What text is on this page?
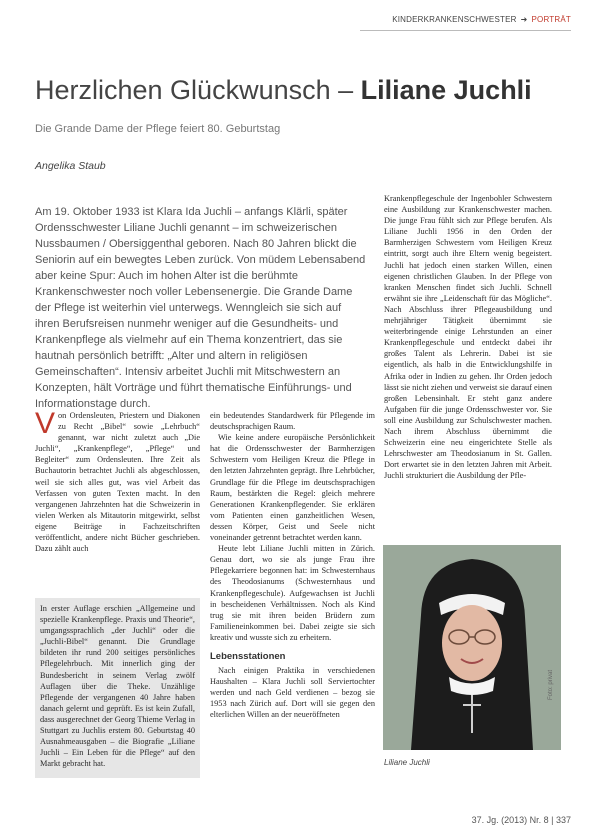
KINDERKRANKENSCHWESTER ➜ PORTRÄT
Herzlichen Glückwunsch – Liliane Juchli
Die Grande Dame der Pflege feiert 80. Geburtstag
Angelika Staub
Am 19. Oktober 1933 ist Klara Ida Juchli – anfangs Klärli, später Ordensschwester Liliane Juchli genannt – im schweizerischen Nussbaumen / Obersiggenthal geboren. Nach 80 Jahren blickt die Seniorin auf ein bewegtes Leben zurück. Von müdem Lebensabend aber keine Spur: Auch im hohen Alter ist die berühmte Krankenschwester noch voller Lebensenergie. Die Grande Dame der Pflege ist weiterhin viel unterwegs. Wenngleich sie sich auf ihren Berufsreisen nunmehr weniger auf die Gesundheits- und Krankenpflege als vielmehr auf ein Thema konzentriert, das sie hautnah persönlich betrifft: „Alter und altern in religiösen Gemeinschaften“. Intensiv arbeitet Juchli mit Mitschwestern an Konzepten, hält Vorträge und führt thematische Einführungs- und Informationstage durch.
Von Ordensleuten, Priestern und Diakonen zu Recht „Bibel“ sowie „Lehrbuch“ genannt, war nicht zuletzt auch „Die Juchli“, „Krankenpflege“, „Pflege“ und Begleiter“ zum Ordensleuten. Ihre Zeit als Buchautorin betrachtet Juchli als abgeschlossen, weil sie sich alles gut, was viel Arbeit das Verfassen von guten Texten macht. In den vergangenen Jahrzehnten hat die Schweizerin in vielen Werken als Mitautorin mitgewirkt, selbst eigene Beiträge in Fachzeitschriften veröffentlicht, andere nicht Bücher geschrieben. Dazu zählt auch
In erster Auflage erschien „Allgemeine und spezielle Krankenpflege. Praxis und Theorie“, umgangssprachlich „der Juchli“ oder die „Juchli-Bibel“ genannt. Die Grundlage bildeten ihr rund 200 seitiges persönliches Pflegelehrbuch. Mit innerlich ging der Bundesbericht in seinem Verlag zwölf Auflagen über die Theke. Unzählige Pflegende der vergangenen 40 Jahre haben danach gelernt und geprüft. Es ist kein Zufall, dass ausgerechnet der Georg Thieme Verlag in Stuttgart zu Juchlis erstem 80. Geburtstag 40 Ausnahmeausgaben – die Biografie „Liliane Juchli – Ein Leben für die Pflege“ auf den Markt gebracht hat.
ein bedeutendes Standardwerk für Pflegende im deutschsprachigen Raum.
Wie keine andere europäische Persönlichkeit hat die Ordensschwester der Barmherzigen Schwestern vom Heiligen Kreuz die Pflege in den letzten Jahrzehnten geprägt. Ihre Lehrbücher, Grundlage für die Pflege im deutschsprachigen Raum, bestärkten die Regel: gleich mehrere Generationen Krankenpflegender. Sie erklären vom Patienten einen ganzheitlichen Wesen, dessen Körper, Geist und Seele nicht voneinander getrennt betrachtet werden kann.
Heute lebt Liliane Juchli mitten in Zürich. Genau dort, wo sie als junge Frau ihre Pflegekarriere begonnen hat: im Schwesternhaus des Theodosianums (Schwesternhaus und Krankenpflegeschule). Aufgewachsen ist Juchli in bescheidenen Verhältnissen. Noch als Kind trug sie mit ihren beiden Brüdern zum Familieneinkommen bei. Dabei zeigte sie sich kreativ und wusste sich zu erheitern.
Lebensstationen
Nach einigen Praktika in verschiedenen Haushalten – Klara Juchli soll Serviertochter werden und nach Geld verdienen – bezog sie 1953 nach Zürich auf. Dort will sie gegen den elterlichen Willen an der neueröffneten
Krankenpflegeschule der Ingenbohler Schwestern eine Ausbildung zur Krankenschwester machen. Die junge Frau fühlt sich zur Pflege berufen. Als Liliane Juchli 1956 in den Orden der Barmherzigen Schwestern vom Heiligen Kreuz eintritt, sorgt auch ihre Eltern wenig begeistert. Juchli hat jedoch einen starken Willen, einen eigenen christlichen Glauben. In der Pflege von kranken Menschen findet sich Juchli. Schnell erwähnt sie ihre „Leidenschaft für das Mögliche“. Nach Abschluss ihrer Pflegeausbildung und mehrjähriger Tätigkeit übernimmt sie weiterbringende einige Lehrstunden an einer Krankenpflegeschule und entdeckt dabei ihr großes Talent als Lehrerin. Dabei ist sie eigentlich, als halb in die Entwicklungshilfe in Afrika oder in Indien zu gehen. Ihr Orden jedoch lässt sie nicht ziehen und verweist sie darauf einen großen Lebensinhalt. Er steht ganz andere Aufgaben für die junge Ordensschwester vor. Sie soll eine Ausbildung zur Schulschwester machen. Nach ihrem Abschluss übernimmt die Schweizerin eine neu eingerichtete Stelle als Lehrschwester am Theodosianum in St. Gallen. Dort erwartet sie in den letzten Jahren mit Arbeit. Juchli strukturiert die Ausbildung der Pfle-
Foto: privat
Liliane Juchli
37. Jg. (2013) Nr. 8 | 337
